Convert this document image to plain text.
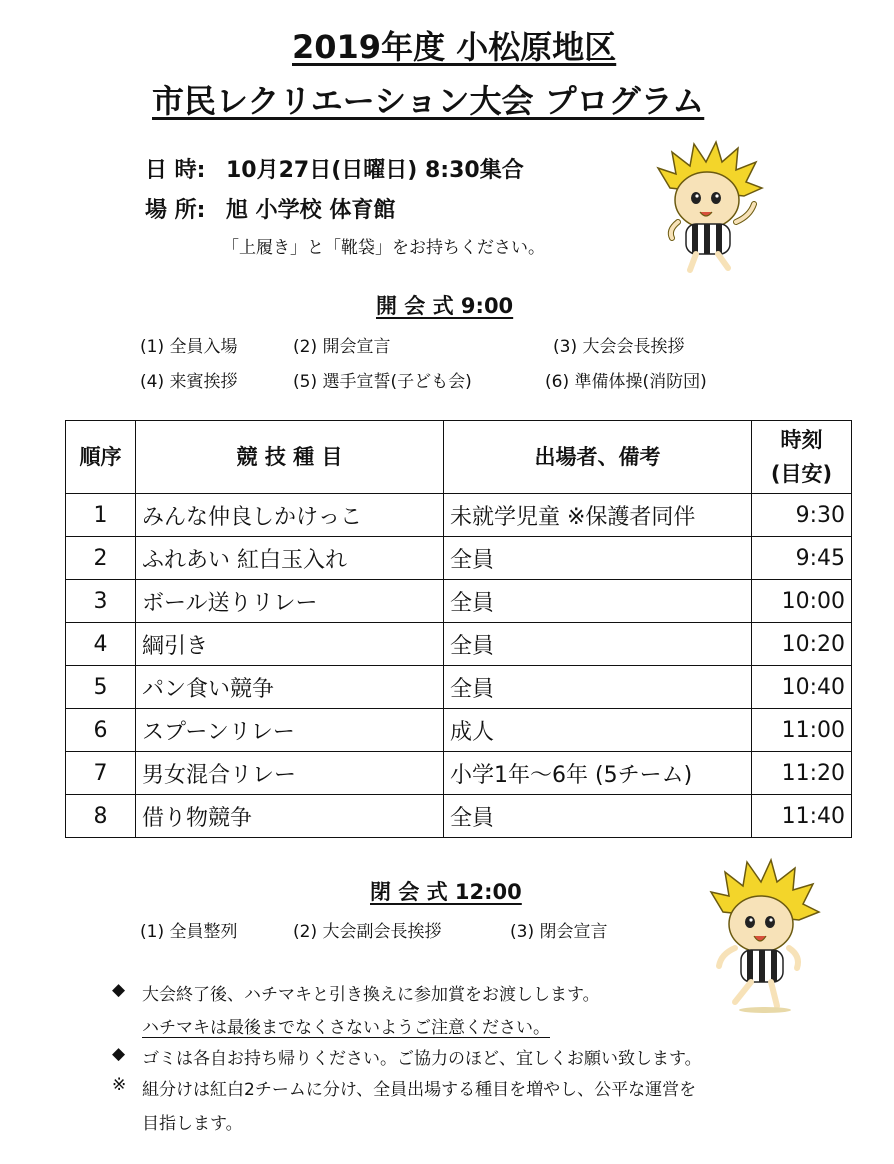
2019年度 小松原地区
市民レクリエーション大会 プログラム
日 時: 10月27日(日曜日) 8:30集合
場 所: 旭 小学校 体育館
「上履き」と「靴袋」をお持ちください。
開 会 式 9:00
(1) 全員入場	(2) 開会宣言	(3) 大会会長挨拶
(4) 来賓挨拶	(5) 選手宣誓(子ども会)	(6) 準備体操(消防団)
順序	競 技 種 目	出場者、備考	時刻
(目安)

1	みんな仲良しかけっこ	未就学児童 ※保護者同伴	9:30
2	ふれあい 紅白玉入れ	全員	9:45
3	ボール送りリレー	全員	10:00
4	綱引き	全員	10:20
5	パン食い競争	全員	10:40
6	スプーンリレー	成人	11:00
7	男女混合リレー	小学1年～6年 (5チーム)	11:20
8	借り物競争	全員	11:40
閉 会 式 12:00
(1) 全員整列	(2) 大会副会長挨拶	(3) 閉会宣言
◆ 大会終了後、ハチマキと引き換えに参加賞をお渡しします。
ハチマキは最後までなくさないようご注意ください。
◆ ゴミは各自お持ち帰りください。ご協力のほど、宜しくお願い致します。
※ 組分けは紅白2チームに分け、全員出場する種目を増やし、公平な運営を
目指します。
